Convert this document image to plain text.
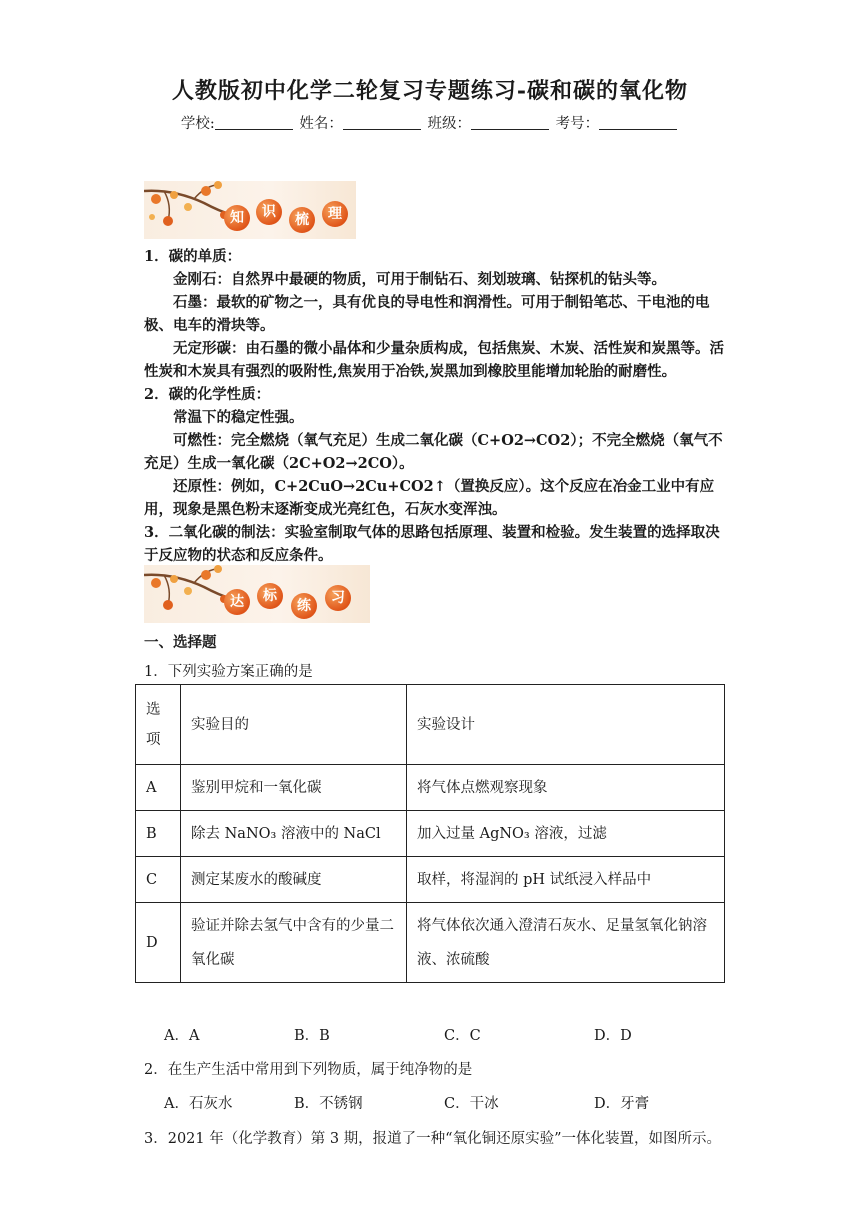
人教版初中化学二轮复习专题练习-碳和碳的氧化物
学校:	姓名：	班级：	考号：
知	识	梳	理

1．碳的单质：

金刚石：自然界中最硬的物质，可用于制钻石、刻划玻璃、钻探机的钻头等。

石墨：最软的矿物之一，具有优良的导电性和润滑性。可用于制铅笔芯、干电池的电极、电车的滑块等。

无定形碳：由石墨的微小晶体和少量杂质构成，包括焦炭、木炭、活性炭和炭黑等。活性炭和木炭具有强烈的吸附性,焦炭用于冶铁,炭黑加到橡胶里能增加轮胎的耐磨性。

2．碳的化学性质：

常温下的稳定性强。

可燃性：完全燃烧（氧气充足）生成二氧化碳（C+O2→CO2）；不完全燃烧（氧气不充足）生成一氧化碳（2C+O2→2CO）。

还原性：例如，C+2CuO→2Cu+CO2↑（置换反应）。这个反应在冶金工业中有应用，现象是黑色粉末逐渐变成光亮红色，石灰水变浑浊。

3．二氧化碳的制法：实验室制取气体的思路包括原理、装置和检验。发生装置的选择取决于反应物的状态和反应条件。

达	标
练	习
一、选择题
1．下列实验方案正确的是
选项	实验目的	实验设计
A	鉴别甲烷和一氧化碳	将气体点燃观察现象
B	除去 NaNO₃ 溶液中的 NaCl	加入过量 AgNO₃ 溶液，过滤
C	测定某废水的酸碱度	取样，将湿润的 pH 试纸浸入样品中
D	验证并除去氢气中含有的少量二氧化碳	将气体依次通入澄清石灰水、足量氢氧化钠溶液、浓硫酸
A．A	B．B	C．C	D．D
2．在生产生活中常用到下列物质，属于纯净物的是
A．石灰水	B．不锈钢	C．干冰	D．牙膏
3．2021 年（化学教育）第 3 期，报道了一种“氧化铜还原实验”一体化装置，如图所示。
